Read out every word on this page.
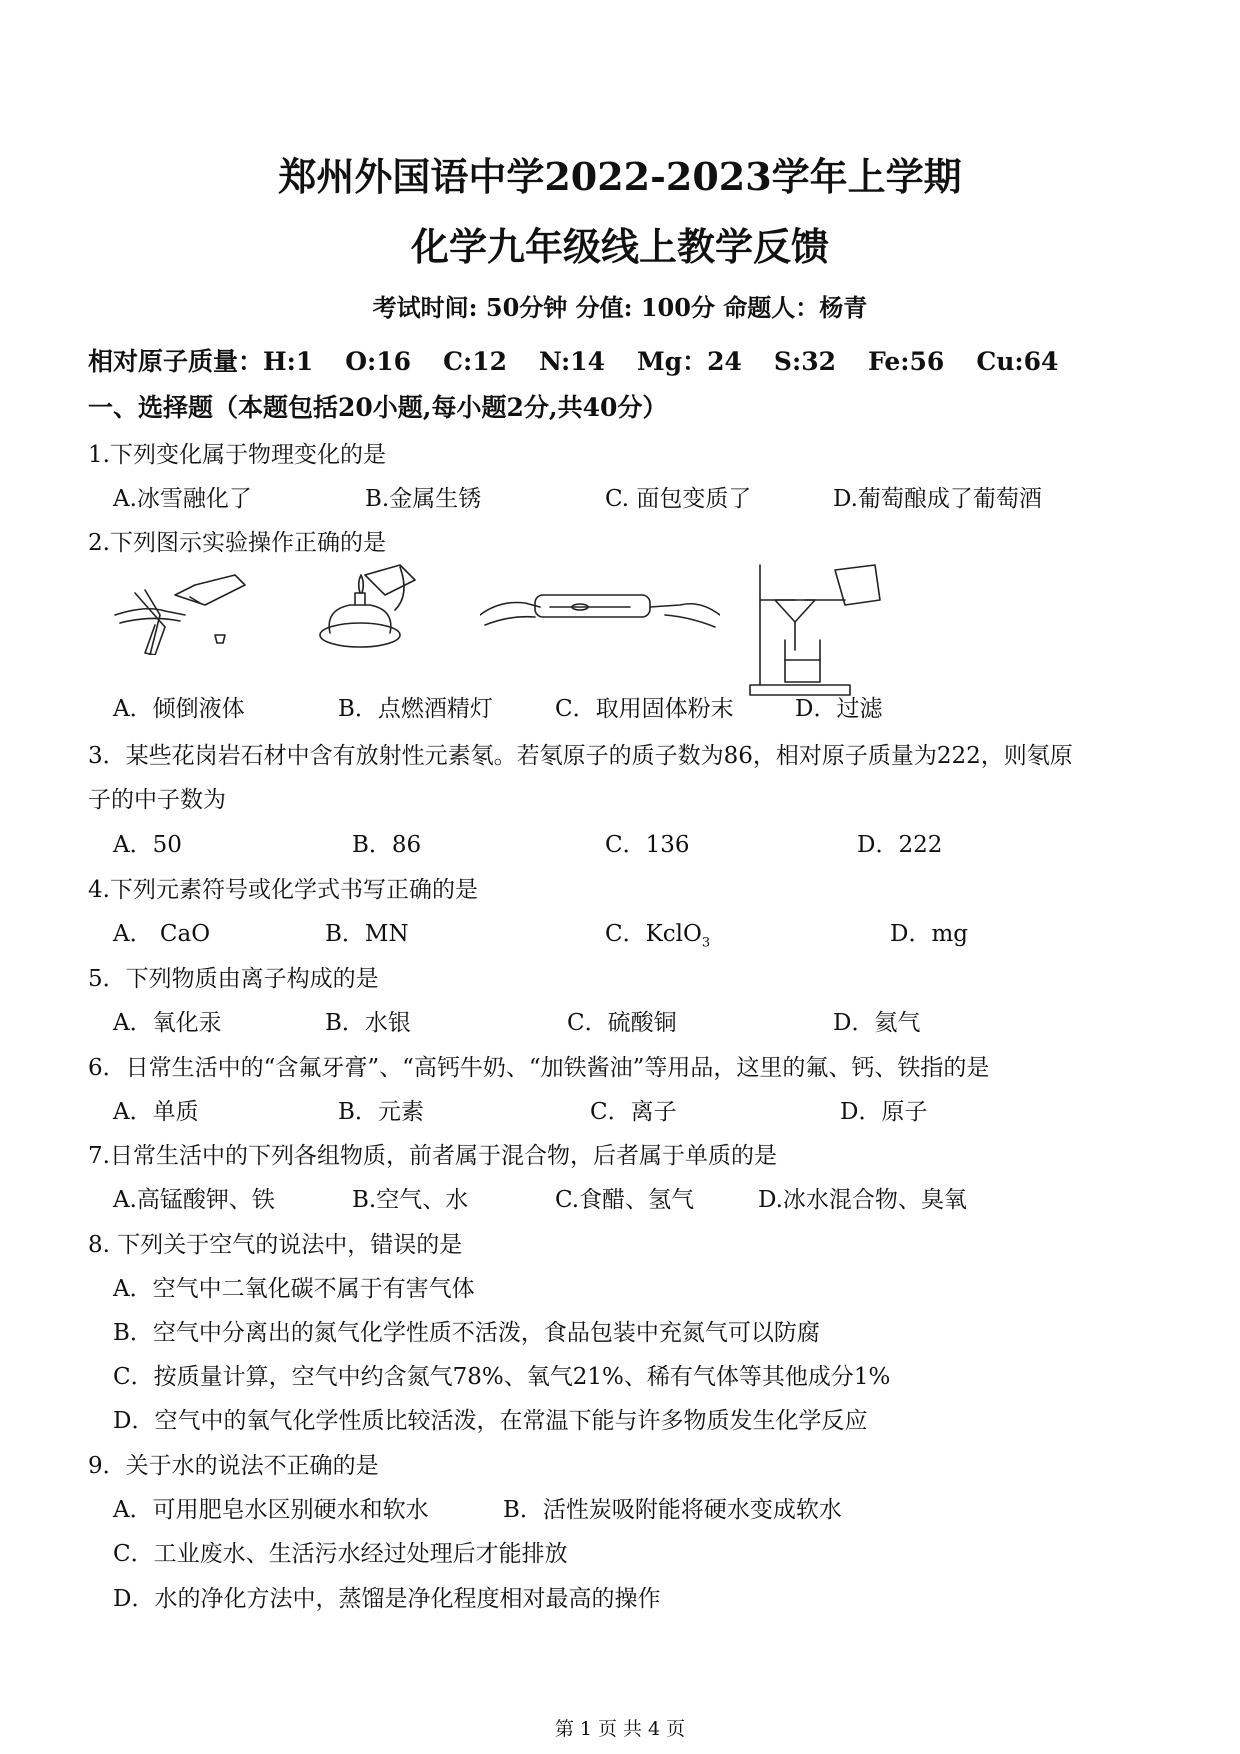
郑州外国语中学2022-2023学年上学期
化学九年级线上教学反馈
考试时间: 50分钟 分值: 100分 命题人：杨青
相对原子质量：H:1 O:16 C:12 N:14 Mg：24 S:32 Fe:56 Cu:64
一、选择题（本题包括20小题,每小题2分,共40分）
1.下列变化属于物理变化的是
A.冰雪融化了	B.金属生锈	C. 面包变质了	D.葡萄酿成了葡萄酒
2.下列图示实验操作正确的是
A．倾倒液体	B．点燃酒精灯	C．取用固体粉末	D．过滤
3．某些花岗岩石材中含有放射性元素氡。若氡原子的质子数为86，相对原子质量为222，则氡原
子的中子数为
A．50	B．86	C．136	D．222
4.下列元素符号或化学式书写正确的是
A． CaO	B．MN	C．KclO$_3$	D．mg
5．下列物质由离子构成的是
A．氧化汞	B．水银	C．硫酸铜	D．氦气
6．日常生活中的“含氟牙膏”、“高钙牛奶、“加铁酱油”等用品，这里的氟、钙、铁指的是
A．单质	B．元素	C．离子	D．原子
7.日常生活中的下列各组物质，前者属于混合物，后者属于单质的是
A.高锰酸钾、铁	B.空气、水	C.食醋、氢气	D.冰水混合物、臭氧
8. 下列关于空气的说法中，错误的是
A．空气中二氧化碳不属于有害气体
B．空气中分离出的氮气化学性质不活泼，食品包装中充氮气可以防腐
C．按质量计算，空气中约含氮气78%、氧气21%、稀有气体等其他成分1%
D．空气中的氧气化学性质比较活泼，在常温下能与许多物质发生化学反应
9．关于水的说法不正确的是
A．可用肥皂水区别硬水和软水	B．活性炭吸附能将硬水变成软水
C．工业废水、生活污水经过处理后才能排放
D．水的净化方法中，蒸馏是净化程度相对最高的操作
第 1 页 共 4 页
